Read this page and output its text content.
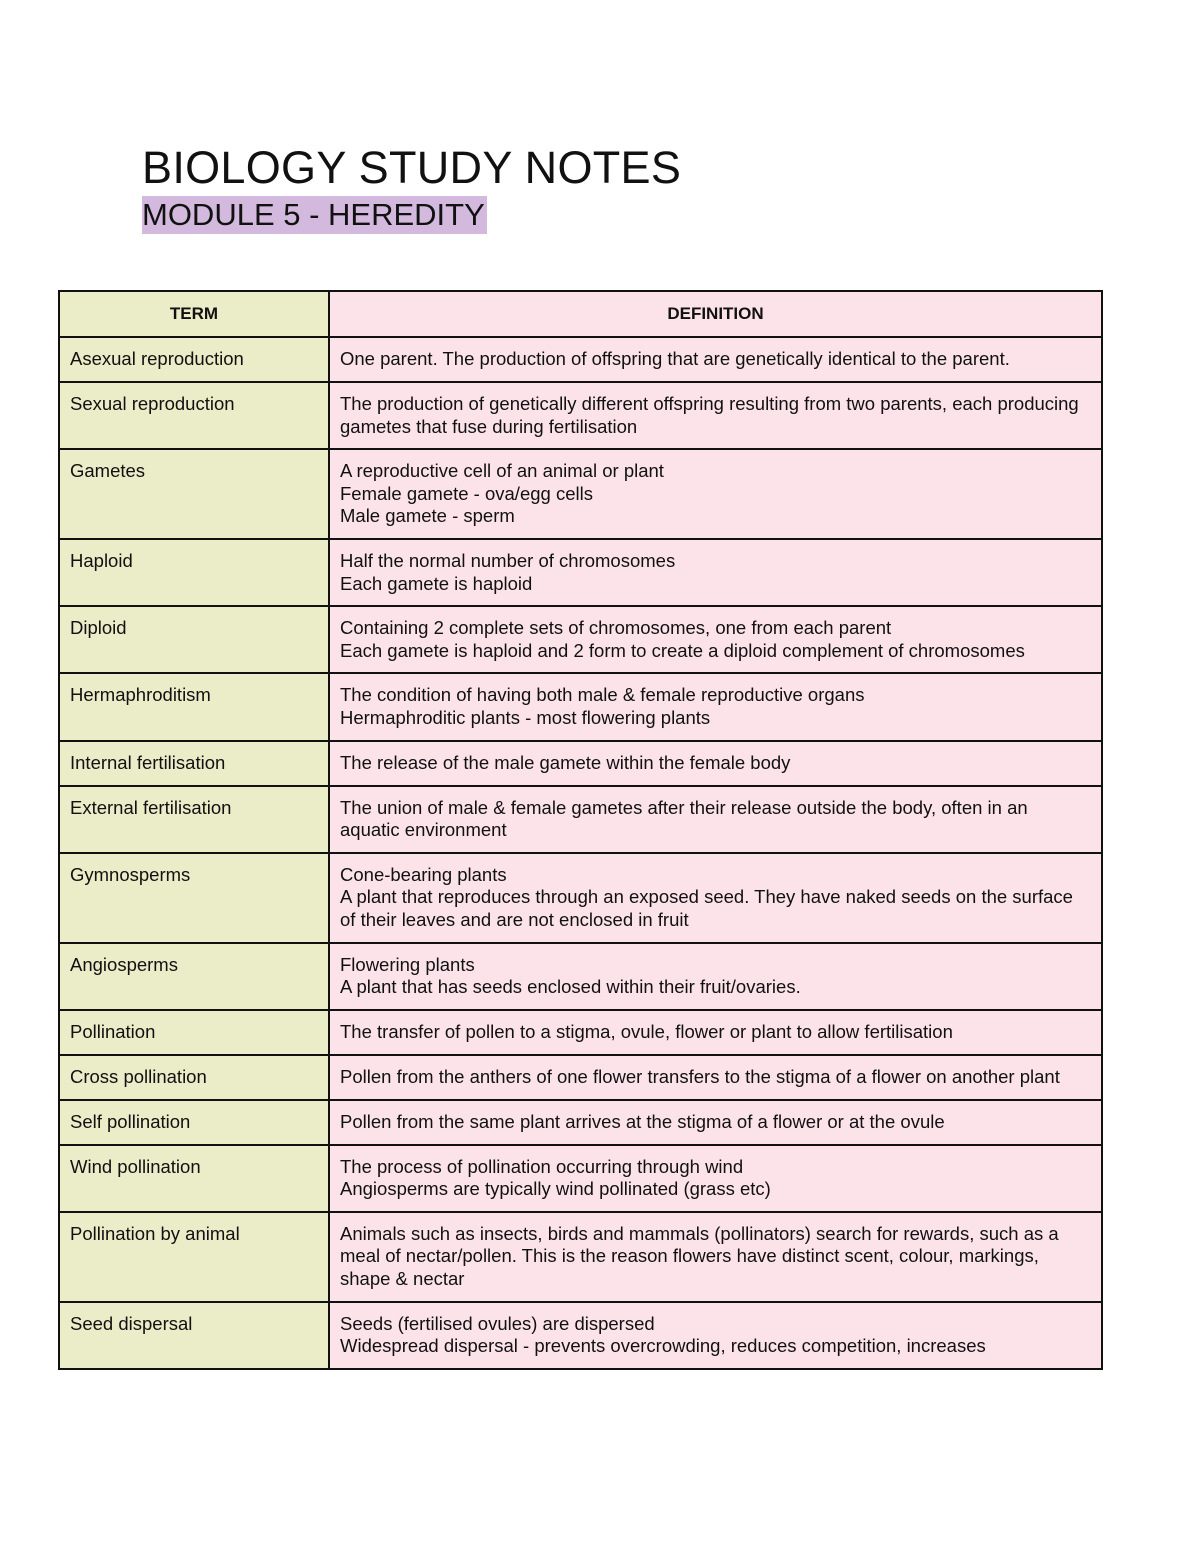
BIOLOGY STUDY NOTES
MODULE 5 - HEREDITY
TERM	DEFINITION
Asexual reproduction	One parent. The production of offspring that are genetically identical to the parent.

Sexual reproduction	The production of genetically different offspring resulting from two parents, each producing gametes that fuse during fertilisation

Gametes	A reproductive cell of an animal or plant
Female gamete - ova/egg cells
Male gamete - sperm

Haploid	Half the normal number of chromosomes
Each gamete is haploid

Diploid	Containing 2 complete sets of chromosomes, one from each parent
Each gamete is haploid and 2 form to create a diploid complement of chromosomes

Hermaphroditism	The condition of having both male & female reproductive organs
Hermaphroditic plants - most flowering plants

Internal fertilisation	The release of the male gamete within the female body

External fertilisation	The union of male & female gametes after their release outside the body, often in an aquatic environment

Gymnosperms	Cone-bearing plants
A plant that reproduces through an exposed seed. They have naked seeds on the surface of their leaves and are not enclosed in fruit

Angiosperms	Flowering plants
A plant that has seeds enclosed within their fruit/ovaries.

Pollination	The transfer of pollen to a stigma, ovule, flower or plant to allow fertilisation

Cross pollination	Pollen from the anthers of one flower transfers to the stigma of a flower on another plant

Self pollination	Pollen from the same plant arrives at the stigma of a flower or at the ovule

Wind pollination	The process of pollination occurring through wind
Angiosperms are typically wind pollinated (grass etc)

Pollination by animal	Animals such as insects, birds and mammals (pollinators) search for rewards, such as a meal of nectar/pollen. This is the reason flowers have distinct scent, colour, markings, shape & nectar

Seed dispersal	Seeds (fertilised ovules) are dispersed
Widespread dispersal - prevents overcrowding, reduces competition, increases
